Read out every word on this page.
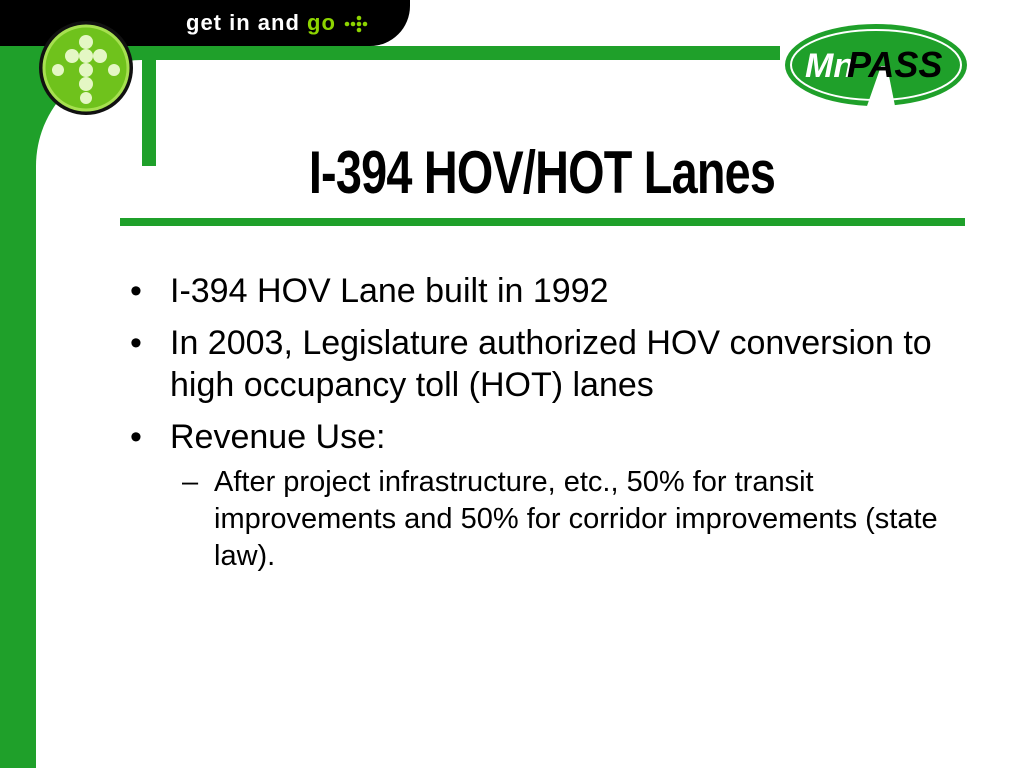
get in and go
Mn
PASS
I-394 HOV/HOT Lanes
• I-394 HOV Lane built in 1992
• In 2003, Legislature authorized HOV conversion to high occupancy toll (HOT) lanes
• Revenue Use:
– After project infrastructure, etc., 50% for transit improvements and 50% for corridor improvements (state law).
